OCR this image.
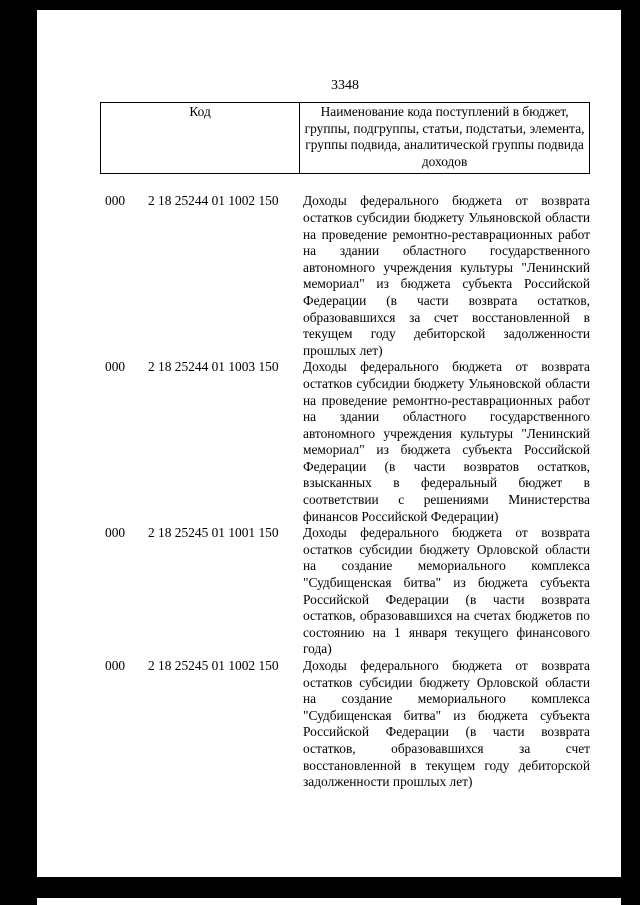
3348
Код	Наименование кода поступлений в бюджет, группы, подгруппы, статьи, подстатьи, элемента, группы подвида, аналитической группы подвида доходов
000	2 18 25244 01 1002 150	Доходы федерального бюджета от возврата остатков субсидии бюджету Ульяновской области на проведение ремонтно-реставрационных работ на здании областного государственного автономного учреждения культуры "Ленинский мемориал" из бюджета субъекта Российской Федерации (в части возврата остатков, образовавшихся за счет восстановленной в текущем году дебиторской задолженности прошлых лет)
000	2 18 25244 01 1003 150	Доходы федерального бюджета от возврата остатков субсидии бюджету Ульяновской области на проведение ремонтно-реставрационных работ на здании областного государственного автономного учреждения культуры "Ленинский мемориал" из бюджета субъекта Российской Федерации (в части возвратов остатков, взысканных в федеральный бюджет в соответствии с решениями Министерства финансов Российской Федерации)
000	2 18 25245 01 1001 150	Доходы федерального бюджета от возврата остатков субсидии бюджету Орловской области на создание мемориального комплекса "Судбищенская битва" из бюджета субъекта Российской Федерации (в части возврата остатков, образовавшихся на счетах бюджетов по состоянию на 1 января текущего финансового года)
000	2 18 25245 01 1002 150	Доходы федерального бюджета от возврата остатков субсидии бюджету Орловской области на создание мемориального комплекса "Судбищенская битва" из бюджета субъекта Российской Федерации (в части возврата остатков, образовавшихся за счет восстановленной в текущем году дебиторской задолженности прошлых лет)
